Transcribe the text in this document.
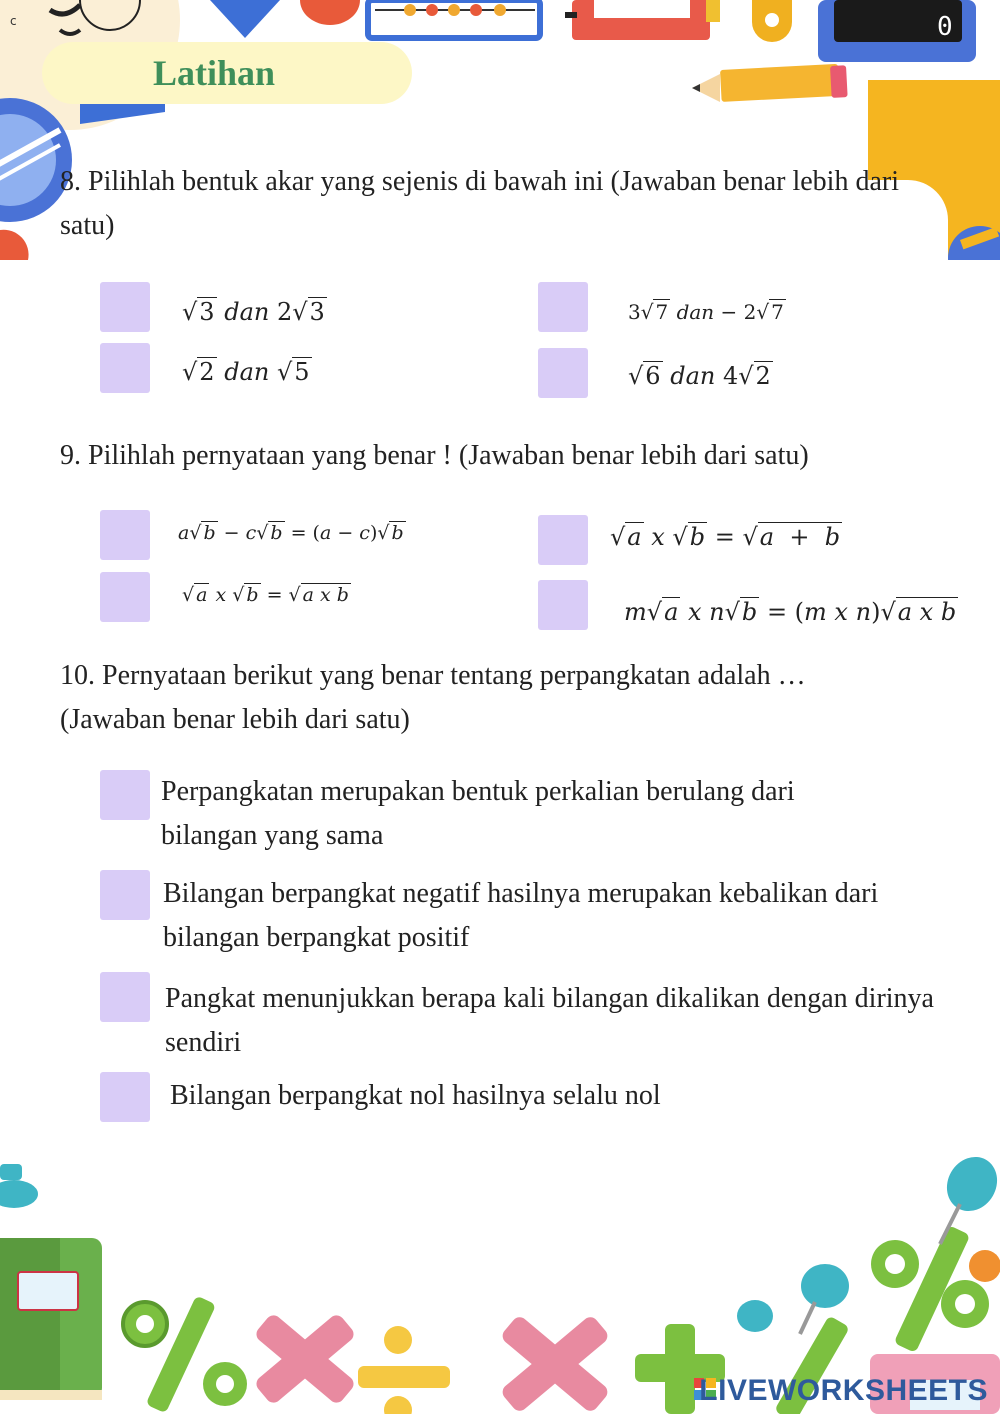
c	0
Latihan
8. Pilihlah bentuk akar yang sejenis di bawah ini (Jawaban benar lebih dari satu)
√3 dan 2√3	3√ 7 dan − 2√ 7
√2 dan √5	√6 dan 4√2
9. Pilihlah pernyataan yang benar ! (Jawaban benar lebih dari satu)
a√ b − c√ b = (a − c)√ b	√a x √b = √a  +  b
√ a x √ b = √ a x b
m√a x n√b = (m x n)√a x b
10. Pernyataan berikut yang benar tentang perpangkatan adalah … (Jawaban benar lebih dari satu)
Perpangkatan merupakan bentuk perkalian berulang dari bilangan yang sama
Bilangan berpangkat negatif hasilnya merupakan kebalikan dari bilangan berpangkat positif
Pangkat menunjukkan berapa kali bilangan dikalikan dengan dirinya sendiri
Bilangan berpangkat nol hasilnya selalu nol
LIVEWORKSHEETS
